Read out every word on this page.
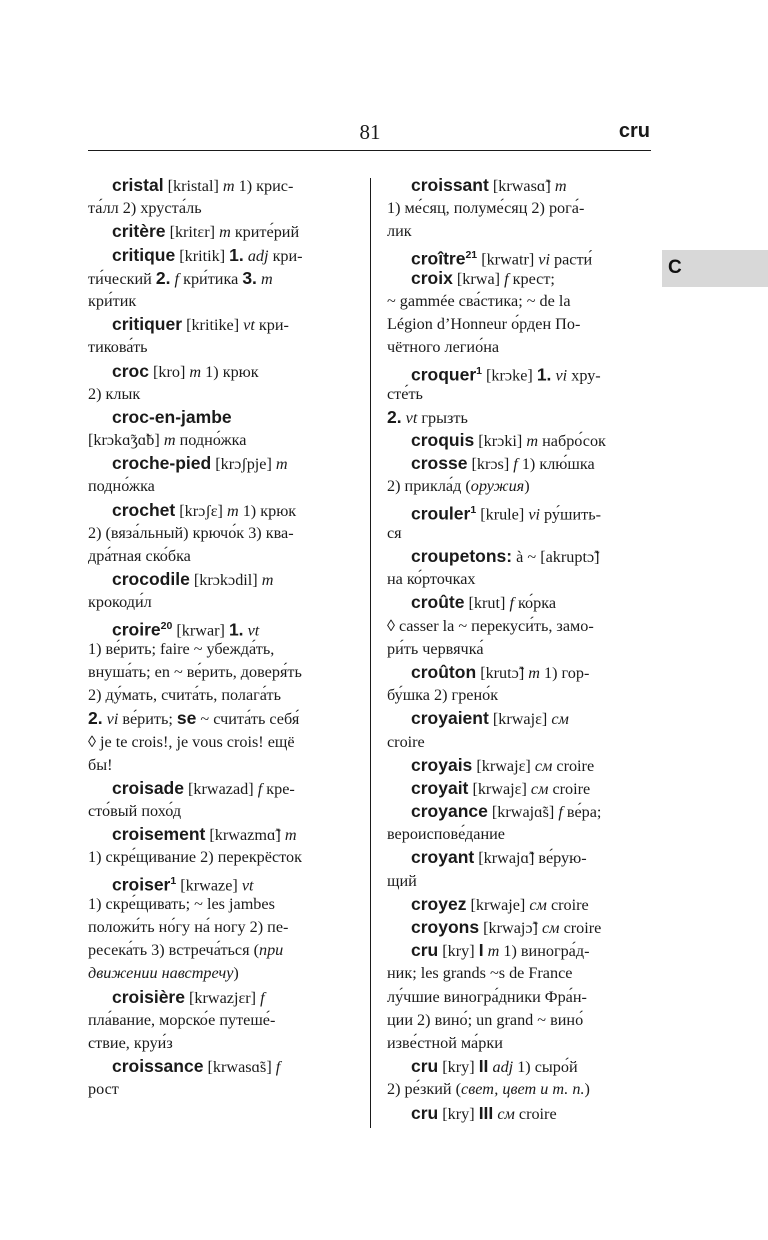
81	cru
C
cristal [kristal] m 1) крис-
та́лл 2) хруста́ль
critère [kritɛr] m крите́рий
critique [kritik] 1. adj кри-
ти́ческий 2. f кри́тика 3. m
кри́тик
critiquer [kritike] vt кри-
тикова́ть
croc [kro] m 1) крюк
2) клык
croc-en-jambe
[krɔkɑ̃ʒɑ̃b] m подно́жка
croche-pied [krɔʃpje] m
подно́жка
crochet [krɔʃɛ] m 1) крюк
2) (вяза́льный) крючо́к 3) ква-
дра́тная ско́бка
crocodile [krɔkɔdil] m
крокоди́л
croire$^{20}$ [krwar] 1. vt
1) ве́рить; faire ~ убежда́ть,
внуша́ть; en ~ ве́рить, доверя́ть
2) ду́мать, счита́ть, полага́ть
2. vi ве́рить; se ~ счита́ть себя́
◊ je te crois!, je vous crois! ещё
бы!
croisade [krwazad] f кре-
сто́вый похо́д
croisement [krwazmɑ̃] m
1) скре́щивание 2) перекрёсток
croiser$^1$ [krwaze] vt
1) скре́щивать; ~ les jambes
положи́ть но́гу на́ ногу 2) пе-
ресека́ть 3) встреча́ться (при
движении навстречу)
croisière [krwazjɛr] f
пла́вание, морско́е путеше́-
ствие, круи́з
croissance [krwasɑ̃s] f
рост
croissant [krwasɑ̃] m
1) ме́сяц, полуме́сяц 2) рога́-
лик
croître$^{21}$ [krwatr] vi расти́
croix [krwa] f крест;
~ gammée сва́стика; ~ de la
Légion d’Honneur о́рден По-
чётного легио́на
croquer$^1$ [krɔke] 1. vi хру-
сте́ть
2. vt грызть
croquis [krɔki] m набро́сок
crosse [krɔs] f 1) клю́шка
2) прикла́д (оружия)
crouler$^1$ [krule] vi ру́шить-
ся
croupetons: à ~ [akruptɔ̃]
на ко́рточках
croûte [krut] f ко́рка
◊ casser la ~ перекуси́ть, замо-
ри́ть червячка́
croûton [krutɔ̃] m 1) гор-
бу́шка 2) грено́к
croyaient [krwajɛ] см
croire
croyais [krwajɛ] см croire
croyait [krwajɛ] см croire
croyance [krwajɑ̃s] f ве́ра;
вероиспове́дание
croyant [krwajɑ̃] ве́рую-
щий
croyez [krwaje] см croire
croyons [krwajɔ̃] см croire
cru [kry] I m 1) виногра́д-
ник; les grands ~s de France
лу́чшие виногра́дники Фра́н-
ции 2) вино́; un grand ~ вино́
изве́стной ма́рки
cru [kry] II adj 1) сыро́й
2) ре́зкий (свет, цвет и т. п.)
cru [kry] III см croire
